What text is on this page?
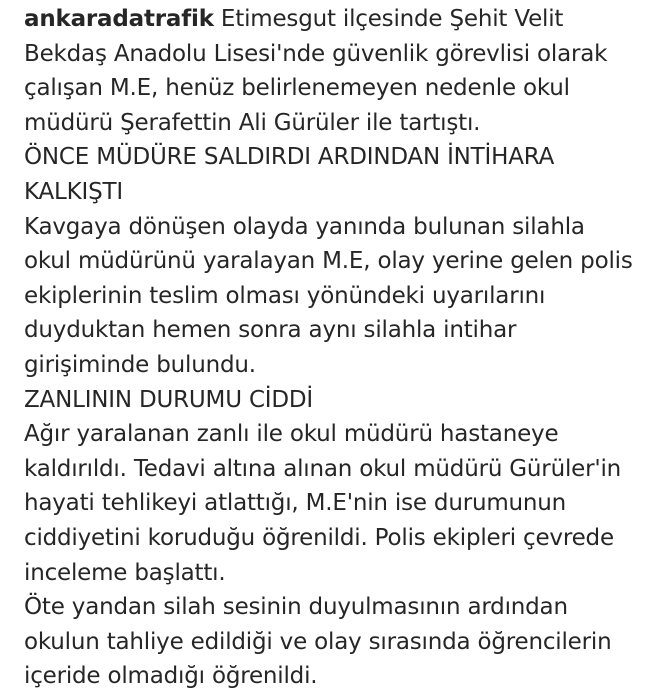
ankaradatrafik Etimesgut ilçesinde Şehit Velit
Bekdaş Anadolu Lisesi'nde güvenlik görevlisi olarak
çalışan M.E, henüz belirlenemeyen nedenle okul
müdürü Şerafettin Ali Gürüler ile tartıştı.
ÖNCE MÜDÜRE SALDIRDI ARDINDAN İNTİHARA
KALKIŞTI
Kavgaya dönüşen olayda yanında bulunan silahla
okul müdürünü yaralayan M.E, olay yerine gelen polis
ekiplerinin teslim olması yönündeki uyarılarını
duyduktan hemen sonra aynı silahla intihar
girişiminde bulundu.
ZANLININ DURUMU CİDDİ
Ağır yaralanan zanlı ile okul müdürü hastaneye
kaldırıldı. Tedavi altına alınan okul müdürü Gürüler'in
hayati tehlikeyi atlattığı, M.E'nin ise durumunun
ciddiyetini koruduğu öğrenildi. Polis ekipleri çevrede
inceleme başlattı.
Öte yandan silah sesinin duyulmasının ardından
okulun tahliye edildiği ve olay sırasında öğrencilerin
içeride olmadığı öğrenildi.
